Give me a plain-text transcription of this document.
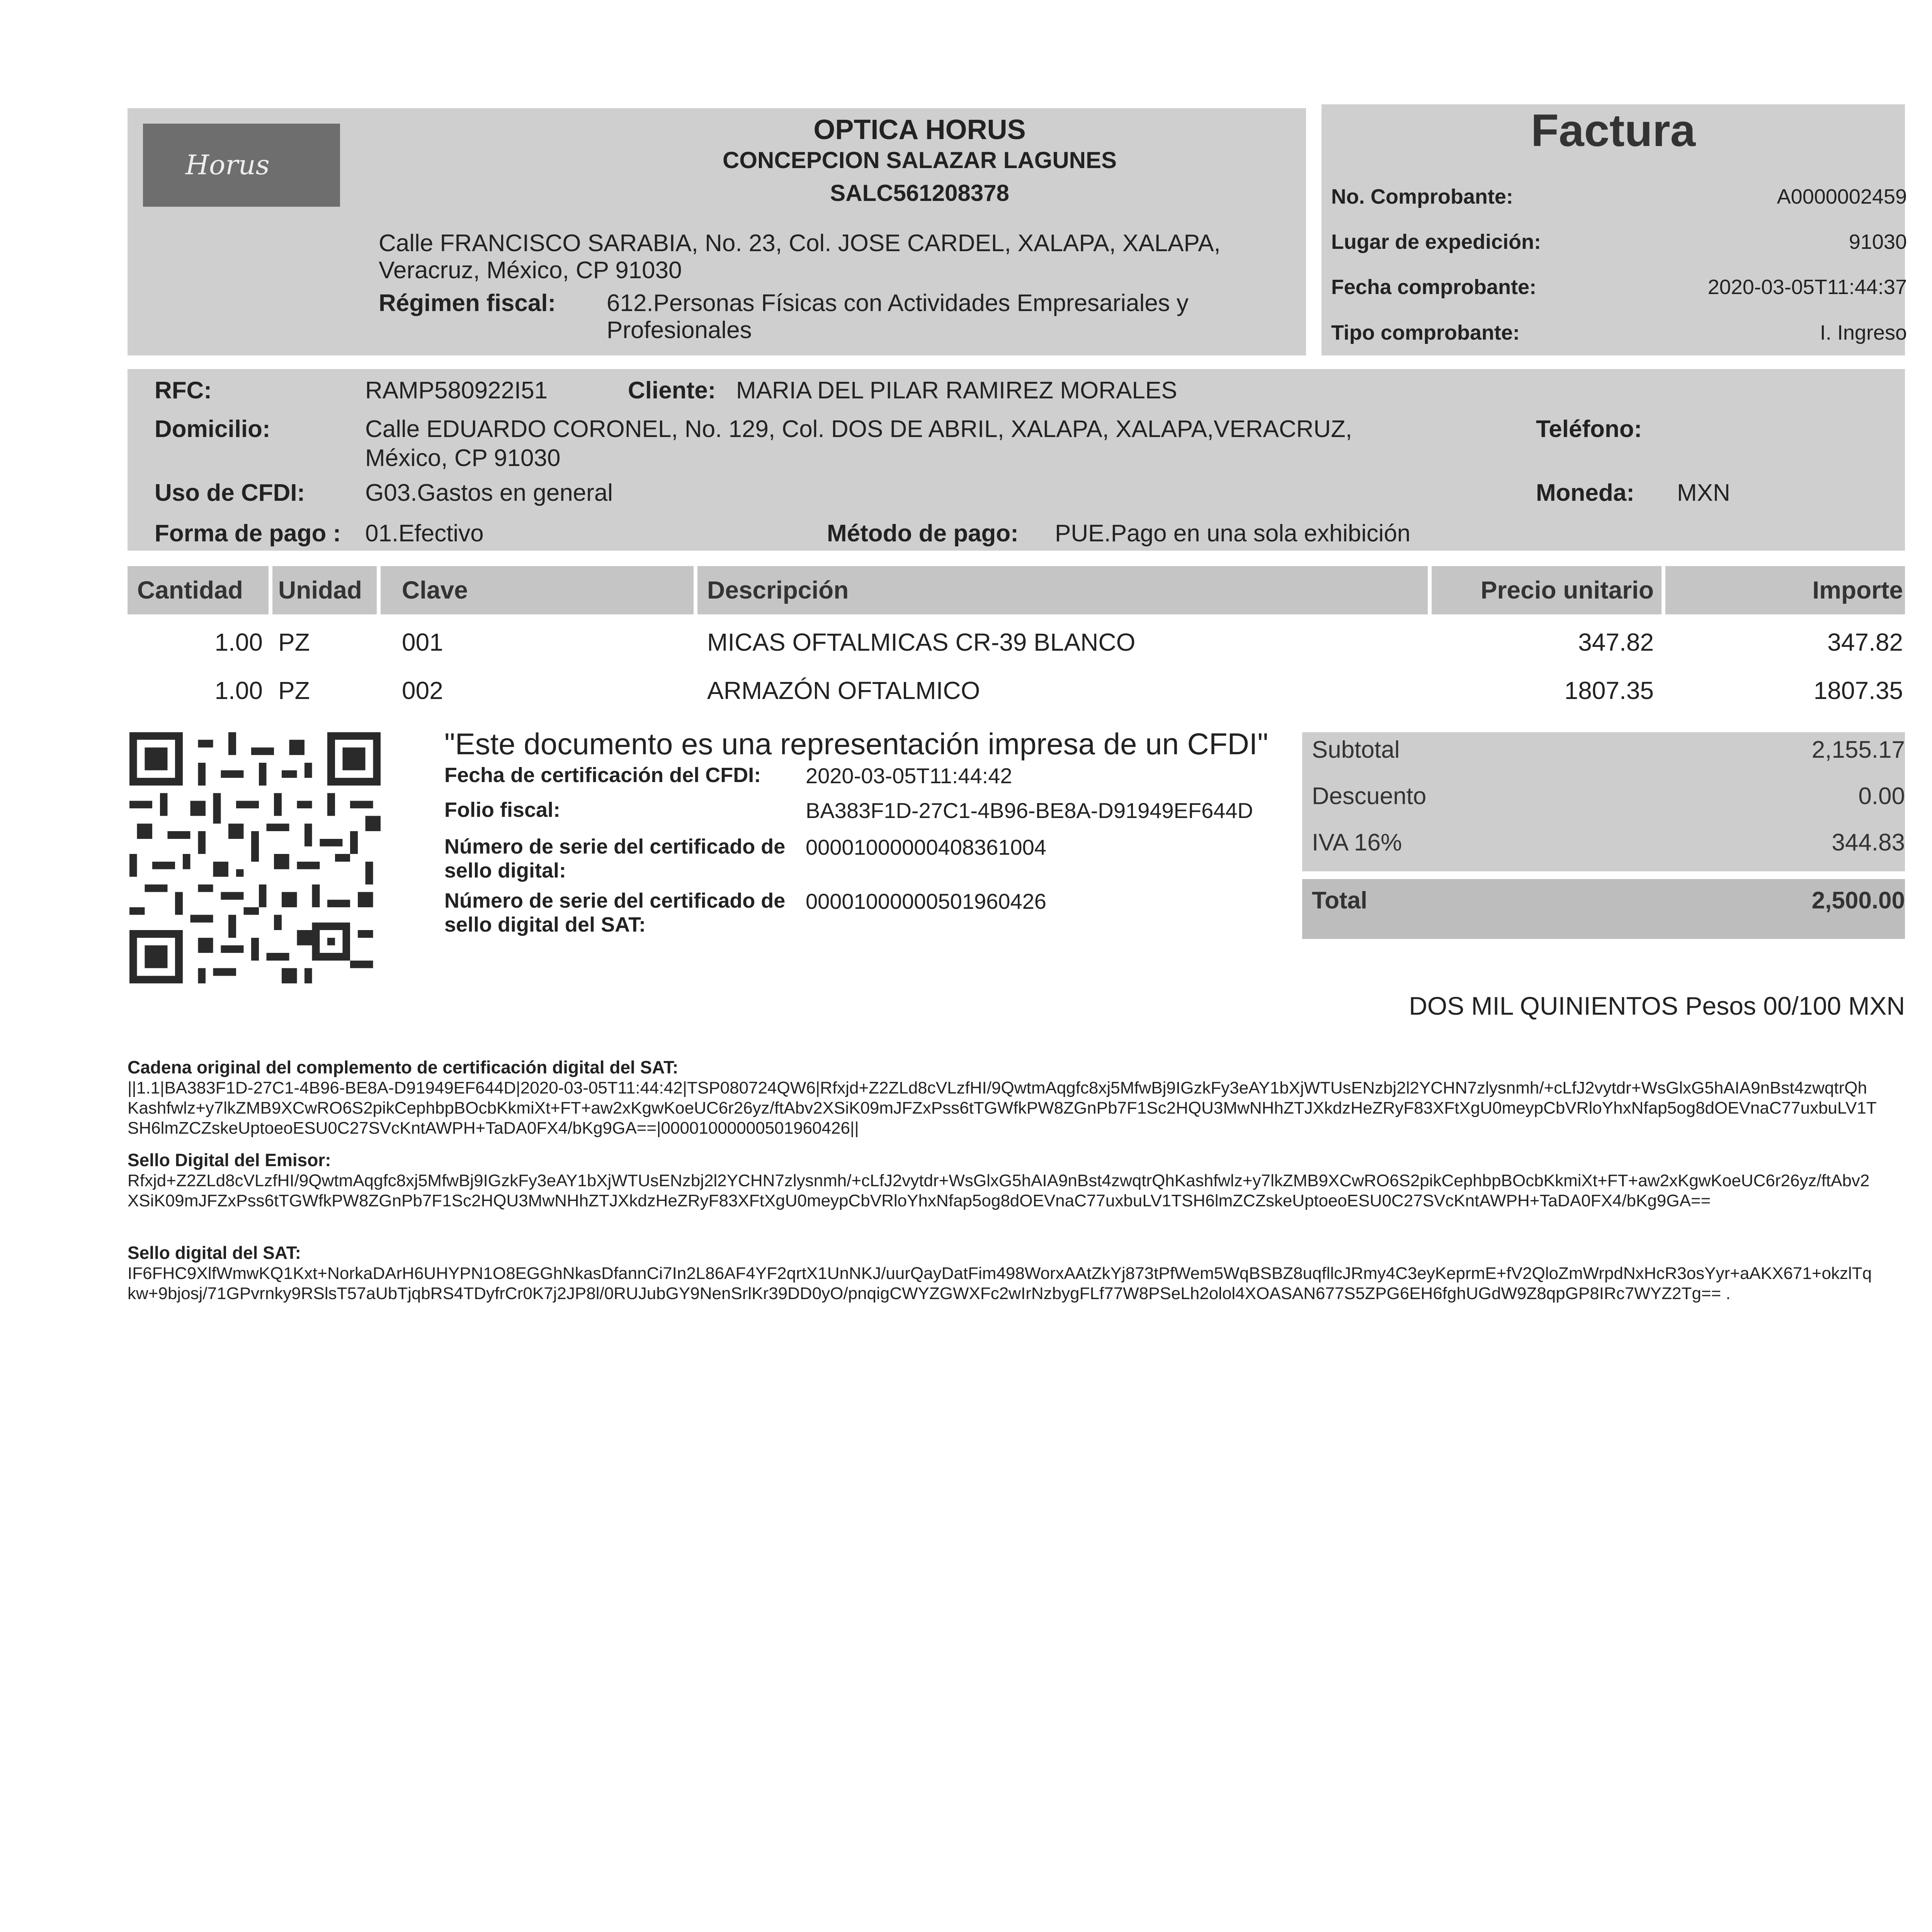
Horus
OPTICA HORUS
CONCEPCION SALAZAR LAGUNES
SALC561208378
Calle FRANCISCO SARABIA, No. 23, Col. JOSE CARDEL, XALAPA, XALAPA, Veracruz, México, CP 91030
Régimen fiscal: 612.Personas Físicas con Actividades Empresariales y Profesionales
Factura
No. Comprobante:	A0000002459
Lugar de expedición:	91030
Fecha comprobante:	2020-03-05T11:44:37
Tipo comprobante:	I. Ingreso
RFC:	RAMP580922I51	Cliente: MARIA DEL PILAR RAMIREZ MORALES
Domicilio:	Calle EDUARDO CORONEL, No. 129, Col. DOS DE ABRIL, XALAPA, XALAPA,VERACRUZ,
México, CP 91030
Teléfono:
Uso de CFDI:	G03.Gastos en general	Moneda: MXN
Forma de pago : 01.Efectivo	Método de pago: PUE.Pago en una sola exhibición
Cantidad Unidad Clave	Descripción	Precio unitario	Importe
1.00 PZ	001	MICAS OFTALMICAS CR-39 BLANCO	347.82	347.82
1.00 PZ	002	ARMAZÓN OFTALMICO	1807.35	1807.35
"Este documento es una representación impresa de un CFDI"
Fecha de certificación del CFDI:	2020-03-05T11:44:42
Folio fiscal:	BA383F1D-27C1-4B96-BE8A-D91949EF644D
Número de serie del certificado de sello digital:
00001000000408361004
Número de serie del certificado de sello digital del SAT:
00001000000501960426
Subtotal	2,155.17
Descuento	0.00
IVA 16%	344.83
Total	2,500.00
DOS MIL QUINIENTOS Pesos 00/100 MXN
Cadena original del complemento de certificación digital del SAT:
||1.1|BA383F1D-27C1-4B96-BE8A-D91949EF644D|2020-03-05T11:44:42|TSP080724QW6|Rfxjd+Z2ZLd8cVLzfHI/9QwtmAqgfc8xj5MfwBj9IGzkFy3eAY1bXjWTUsENzbj2l2YCHN7zlysnmh/+cLfJ2vytdr+WsGlxG5hAIA9nBst4zwqtrQhKashfwlz+y7lkZMB9XCwRO6S2pikCephbpBOcbKkmiXt+FT+aw2xKgwKoeUC6r26yz/ftAbv2XSiK09mJFZxPss6tTGWfkPW8ZGnPb7F1Sc2HQU3MwNHhZTJXkdzHeZRyF83XFtXgU0meypCbVRloYhxNfap5og8dOEVnaC77uxbuLV1TSH6lmZCZskeUptoeoESU0C27SVcKntAWPH+TaDA0FX4/bKg9GA==|00001000000501960426||
Sello Digital del Emisor:
Rfxjd+Z2ZLd8cVLzfHI/9QwtmAqgfc8xj5MfwBj9IGzkFy3eAY1bXjWTUsENzbj2l2YCHN7zlysnmh/+cLfJ2vytdr+WsGlxG5hAIA9nBst4zwqtrQhKashfwlz+y7lkZMB9XCwRO6S2pikCephbpBOcbKkmiXt+FT+aw2xKgwKoeUC6r26yz/ftAbv2XSiK09mJFZxPss6tTGWfkPW8ZGnPb7F1Sc2HQU3MwNHhZTJXkdzHeZRyF83XFtXgU0meypCbVRloYhxNfap5og8dOEVnaC77uxbuLV1TSH6lmZCZskeUptoeoESU0C27SVcKntAWPH+TaDA0FX4/bKg9GA==
Sello digital del SAT:
IF6FHC9XlfWmwKQ1Kxt+NorkaDArH6UHYPN1O8EGGhNkasDfannCi7In2L86AF4YF2qrtX1UnNKJ/uurQayDatFim498WorxAAtZkYj873tPfWem5WqBSBZ8uqfllcJRmy4C3eyKeprmE+fV2QloZmWrpdNxHcR3osYyr+aAKX671+okzlTqkw+9bjosj/71GPvrnky9RSlsT57aUbTjqbRS4TDyfrCr0K7j2JP8l/0RUJubGY9NenSrlKr39DD0yO/pnqigCWYZGWXFc2wIrNzbygFLf77W8PSeLh2olol4XOASAN677S5ZPG6EH6fghUGdW9Z8qpGP8IRc7WYZ2Tg== .
